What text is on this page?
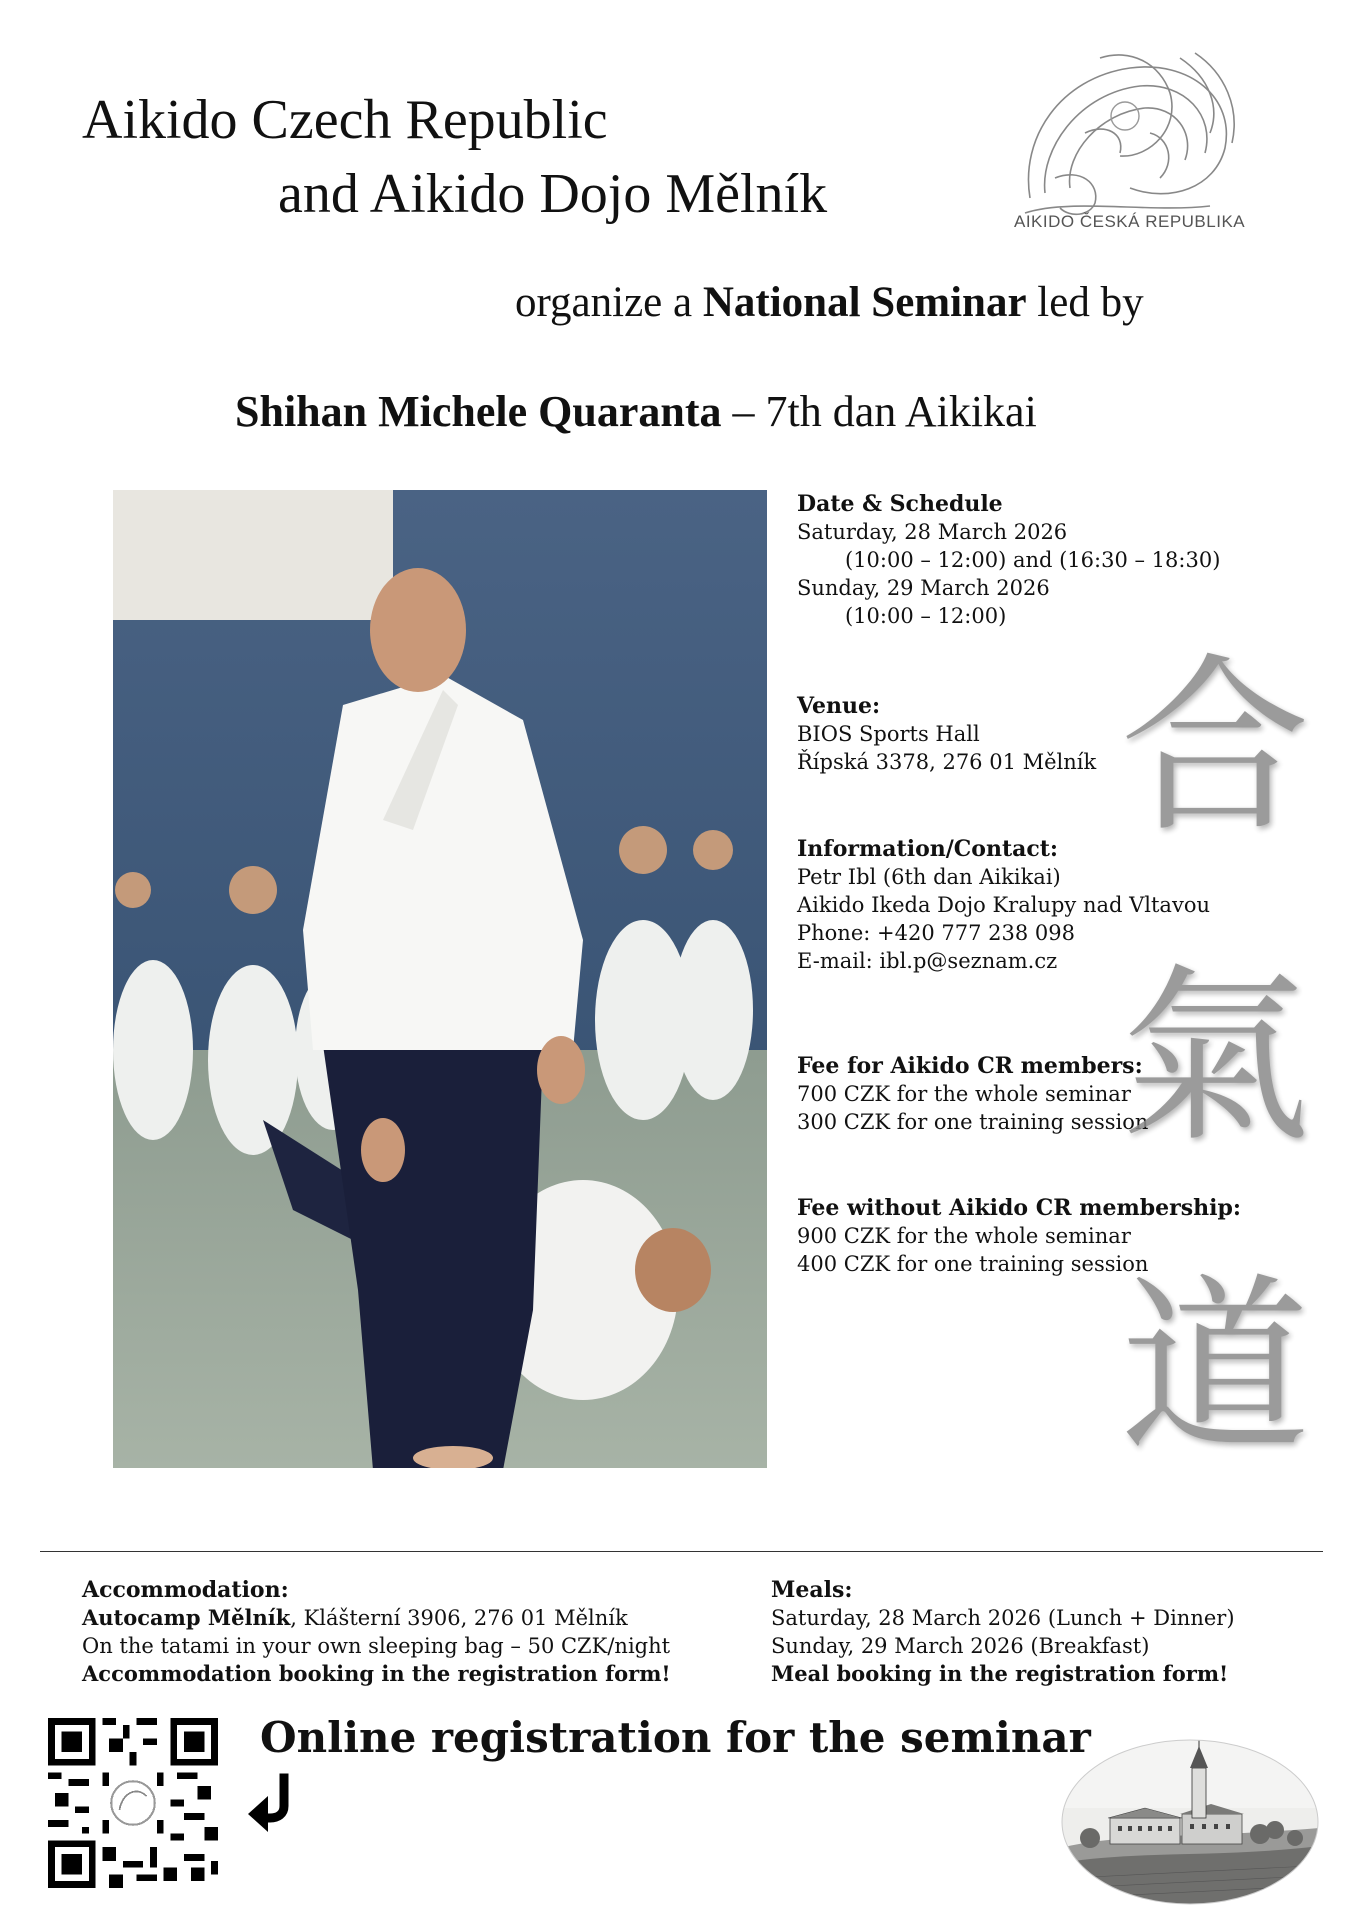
Aikido Czech Republic
and Aikido Dojo Mělník	AIKIDO ČESKÁ REPUBLIKA
organize a National Seminar led by
Shihan Michele Quaranta – 7th dan Aikikai
Date & Schedule
Saturday, 28 March 2026
(10:00 – 12:00) and (16:30 – 18:30)
Sunday, 29 March 2026
(10:00 – 12:00)
Venue:
BIOS Sports Hall
Řípská 3378, 276 01 Mělník
Information/Contact:
Petr Ibl (6th dan Aikikai)
Aikido Ikeda Dojo Kralupy nad Vltavou
Phone: +420 777 238 098
E-mail: ibl.p@seznam.cz
Fee for Aikido CR members:
700 CZK for the whole seminar
300 CZK for one training session
Fee without Aikido CR membership:
900 CZK for the whole seminar
400 CZK for one training session
合
氣
道
Accommodation:
Autocamp Mělník, Klášterní 3906, 276 01 Mělník
On the tatami in your own sleeping bag – 50 CZK/night
Accommodation booking in the registration form!
Meals:
Saturday, 28 March 2026 (Lunch + Dinner)
Sunday, 29 March 2026 (Breakfast)
Meal booking in the registration form!
Online registration for the seminar
